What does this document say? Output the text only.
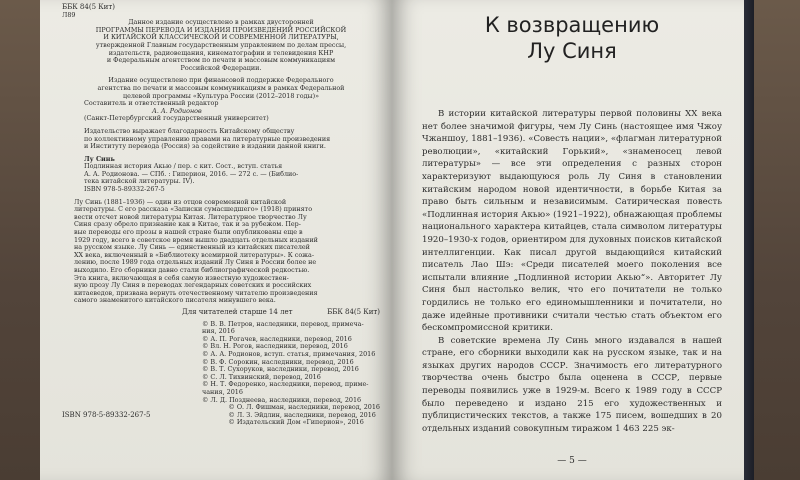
ББК 84(5 Кит)
Л89
Данное издание осуществлено в рамках двусторонней
ПРОГРАММЫ ПЕРЕВОДА И ИЗДАНИЯ ПРОИЗВЕДЕНИЙ РОССИЙСКОЙ
И КИТАЙСКОЙ КЛАССИЧЕСКОЙ И СОВРЕМЕННОЙ ЛИТЕРАТУРЫ,
утвержденной Главным государственным управлением по делам прессы,
издательств, радиовещания, кинематографии и телевидения КНР
и Федеральным агентством по печати и массовым коммуникациям
Российской Федерации.
Издание осуществлено при финансовой поддержке Федерального
агентства по печати и массовым коммуникациям в рамках Федеральной
целевой программы «Культура России (2012–2018 годы)»
Составитель и ответственный редактор
А. А. Родионов
(Санкт-Петербургский государственный университет)
Издательство выражает благодарность Китайскому обществу
по коллективному управлению правами на литературные произведения
и Институту перевода (Россия) за содействие в издании данной книги.
Лу Синь
Подлинная история Акью / пер. с кит. Сост., вступ. статья
А. А. Родионова. — СПб. : Гиперион, 2016. — 272 с. — (Библио-
тека китайской литературы. IV).
ISBN 978-5-89332-267-5
Лу Синь (1881–1936) — один из отцов современной китайской
литературы. С его рассказа «Записки сумасшедшего» (1918) принято
вести отсчет новой литературы Китая. Литературное творчество Лу
Синя сразу обрело признание как в Китае, так и за рубежом. Пер-
вые переводы его прозы в нашей стране были опубликованы еще в
1929 году, всего в советское время вышло двадцать отдельных изданий
на русском языке. Лу Синь — единственный из китайских писателей
XX века, включенный в «Библиотеку всемирной литературы». К сожа-
лению, после 1989 года отдельных изданий Лу Синя в России более не
выходило. Его сборники давно стали библиографической редкостью.
Эта книга, включающая в себя самую известную художествен-
ную прозу Лу Синя в переводах легендарных советских и российских
китаеведов, призвана вернуть отечественному читателю произведения
самого знаменитого китайского писателя минувшего века.
Для читателей старше 14 лет	ББК 84(5 Кит)
© В. В. Петров, наследники, перевод, примеча-
ния, 2016
© А. П. Рогачев, наследники, перевод, 2016
© Вл. Н. Рогов, наследники, перевод, 2016
© А. А. Родионов, вступ. статья, примечания, 2016
© В. Ф. Сорокин, наследники, перевод, 2016
© В. Т. Сухоруков, наследники, перевод, 2016
© С. Л. Тихвинский, перевод, 2016
© Н. Т. Федоренко, наследники, перевод, приме-
чания, 2016
© Л. Д. Позднеева, наследники, перевод, 2016
ISBN 978-5-89332-267-5
© О. Л. Фишман, наследники, перевод, 2016
© Л. З. Эйдлин, наследники, перевод, 2016
© Издательский Дом «Гиперион», 2016
К возвращению
Лу Синя

В истории китайской литературы первой половины XX века нет более значимой фигуры, чем Лу Синь (настоящее имя Чжоу Чжаншоу, 1881–1936). «Совесть нации», «флагман литературной революции», «китайский Горький», «знаменосец левой литературы» — все эти определения с разных сторон характеризуют выдающуюся роль Лу Синя в становлении китайским народом новой идентичности, в борьбе Китая за право быть сильным и независимым. Сатирическая повесть «Подлинная история Акью» (1921–1922), обнажающая проблемы национального характера китайцев, стала символом литературы 1920–1930-х годов, ориентиром для духовных поисков китайской интеллигенции. Как писал другой выдающийся китайский писатель Лао Шэ: «Среди писателей моего поколения все испытали влияние „Подлинной истории Акью“». Авторитет Лу Синя был настолько велик, что его почитатели не только гордились не только его единомышленники и почитатели, но даже идейные противники считали честью стать объектом его бескомпромиссной критики.

В советские времена Лу Синь много издавался в нашей стране, его сборники выходили как на русском языке, так и на языках других народов СССР. Значимость его литературного творчества очень быстро была оценена в СССР, первые переводы появились уже в 1929-м. Всего к 1989 году в СССР было переведено и издано 215 его художественных и публицистических текстов, а также 175 писем, вошедших в 20 отдельных изданий совокупным тиражом 1 463 225 эк-

— 5 —
